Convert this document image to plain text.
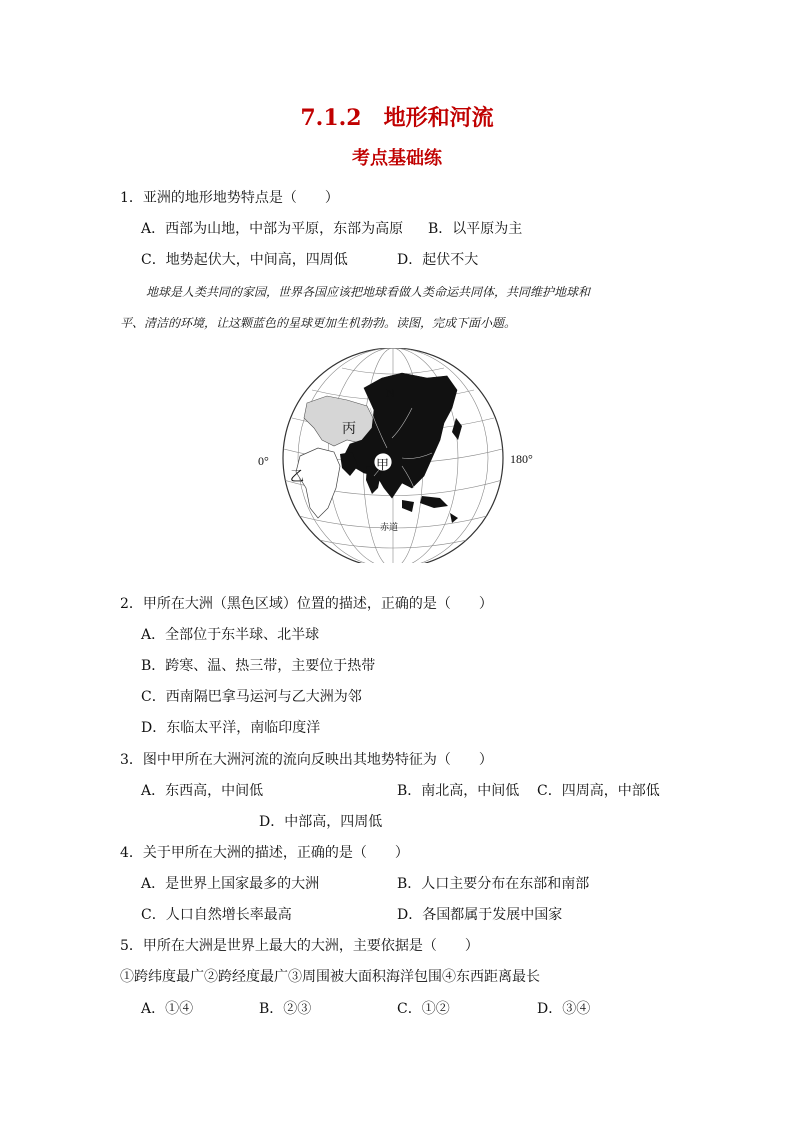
7.1.2　地形和河流
考点基础练
1．亚洲的地形地势特点是（　　）
A．西部为山地，中部为平原，东部为高原 B．以平原为主
C．地势起伏大，中间高，四周低	D．起伏不大
地球是人类共同的家园，世界各国应该把地球看做人类命运共同体，共同维护地球和
平、清洁的环境，让这颗蓝色的星球更加生机勃勃。读图，完成下面小题。
N
丙
甲
乙
0°	180°
赤道
2．甲所在大洲（黑色区域）位置的描述，正确的是（　　）
A．全部位于东半球、北半球
B．跨寒、温、热三带，主要位于热带
C．西南隔巴拿马运河与乙大洲为邻
D．东临太平洋，南临印度洋
3．图中甲所在大洲河流的流向反映出其地势特征为（　　）
A．东西高，中间低	B．南北高，中间低 C．四周高，中部低
D．中部高，四周低
4．关于甲所在大洲的描述，正确的是（　　）
A．是世界上国家最多的大洲	B．人口主要分布在东部和南部
C．人口自然增长率最高	D．各国都属于发展中国家
5．甲所在大洲是世界上最大的大洲，主要依据是（　　）
①跨纬度最广②跨经度最广③周围被大面积海洋包围④东西距离最长
A．①④	B．②③	C．①②	D．③④
